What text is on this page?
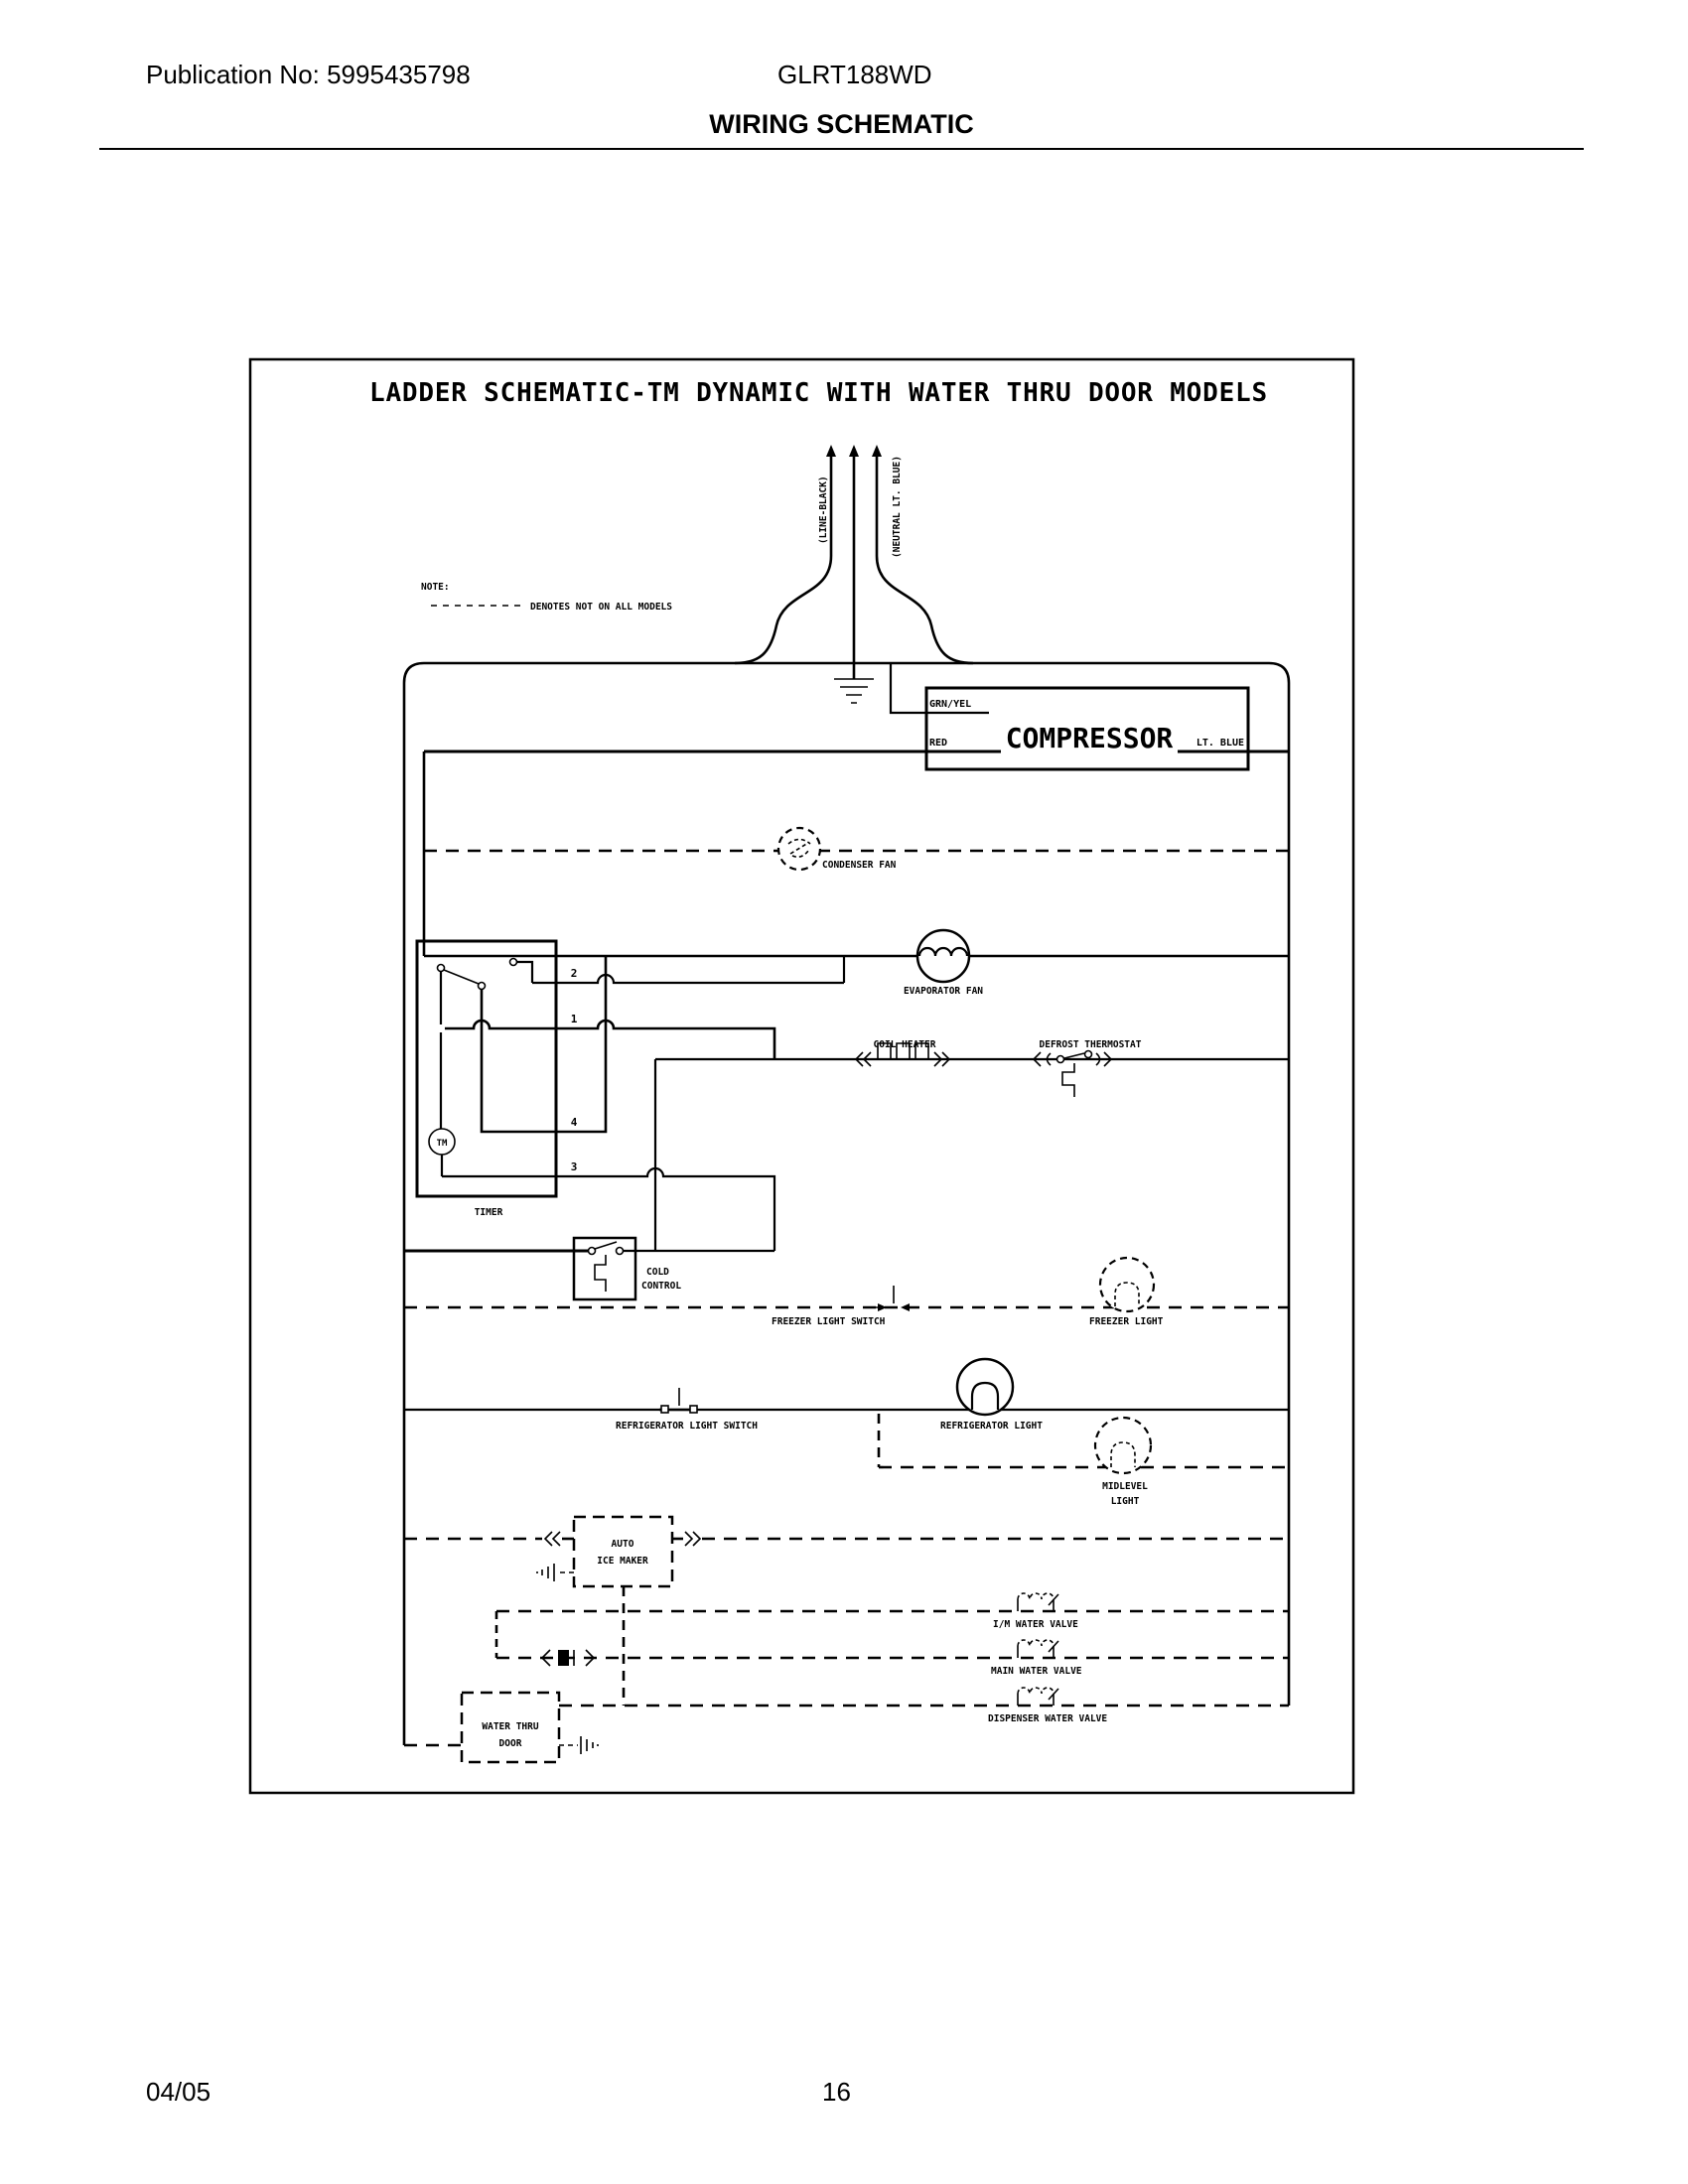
Publication No: 5995435798	GLRT188WD
WIRING SCHEMATIC
LADDER SCHEMATIC-TM DYNAMIC WITH WATER THRU DOOR MODELS
NOTE:
DENOTES NOT ON ALL MODELS
(LINE-BLACK)	(NEUTRAL LT. BLUE)
GRN/YEL
RED	LT. BLUE
COMPRESSOR
CONDENSER FAN
EVAPORATOR FAN
TIMER
TM
2
1
4
3
COIL HEATER	DEFROST THERMOSTAT
COLD
CONTROL
FREEZER LIGHT SWITCH	FREEZER LIGHT
REFRIGERATOR LIGHT SWITCH	REFRIGERATOR LIGHT
MIDLEVEL
LIGHT
AUTO
ICE MAKER
I/M WATER VALVE
MAIN WATER VALVE
DISPENSER WATER VALVE
WATER THRU
DOOR
04/05	16
